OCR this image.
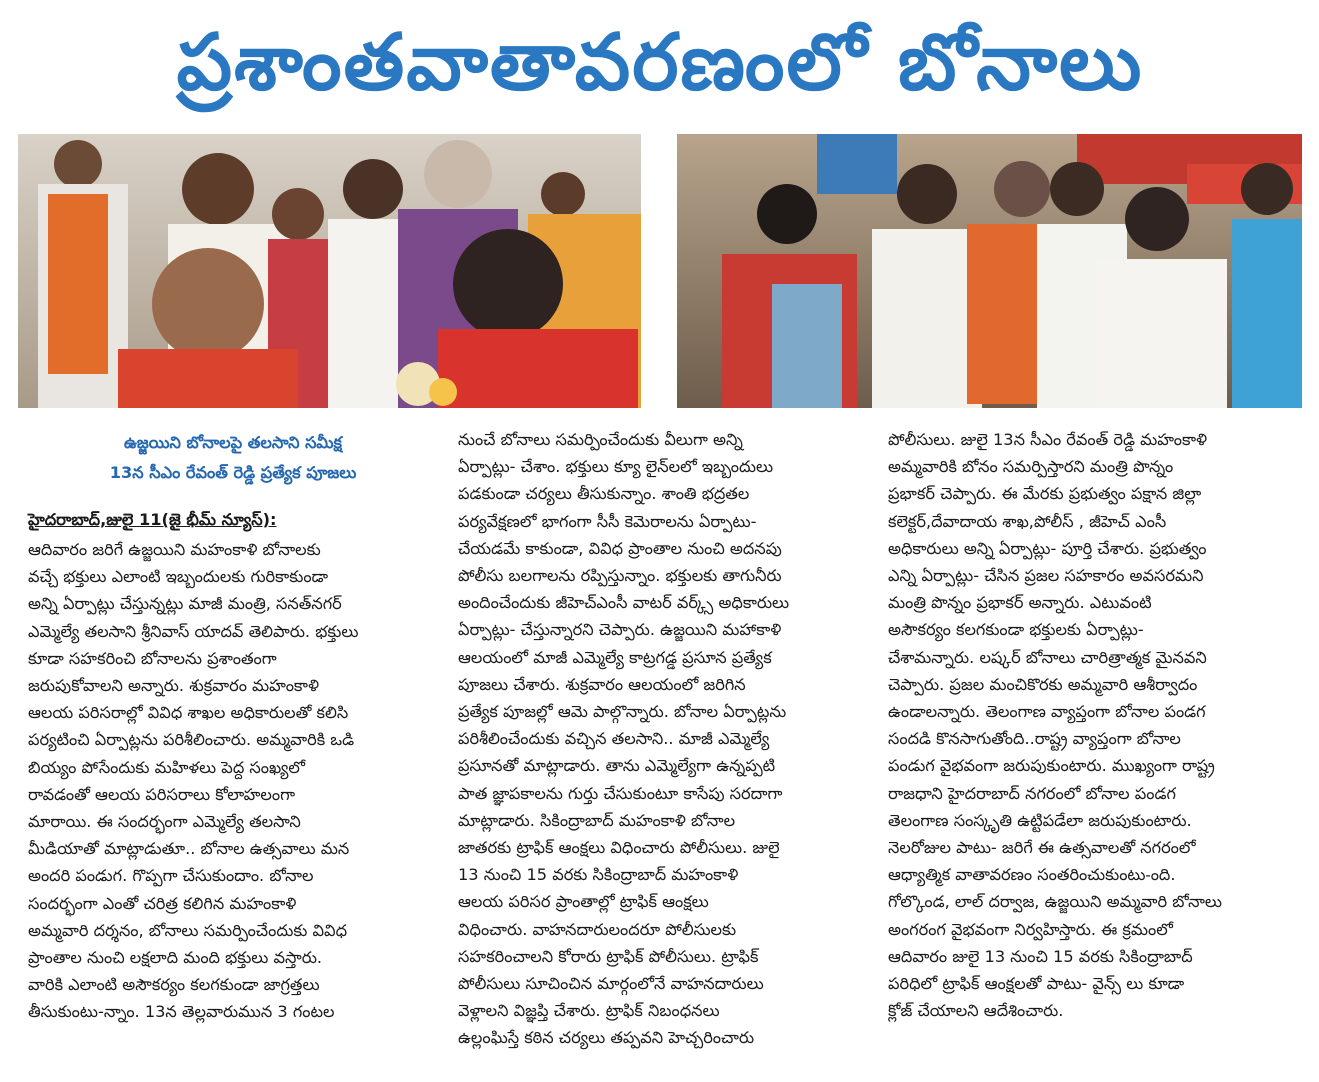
ప్రశాంతవాతావరణంలో బోనాలు
ఉజ్జయిని బోనాలపై తలసాని సమీక్ష
13న సీఎం రేవంత్ రెడ్డి ప్రత్యేక పూజలు
హైదరాబాద్,జులై 11(జై భీమ్ న్యూస్):

ఆదివారం జరిగే ఉజ్జయిని మహంకాళి బోనాలకు
వచ్చే భక్తులు ఎలాంటి ఇబ్బందులకు గురికాకుండా
అన్ని ఏర్పాట్లు చేస్తున్నట్లు మాజీ మంత్రి, సనత్‌నగర్
ఎమ్మెల్యే తలసాని శ్రీనివాస్ యాదవ్ తెలిపారు. భక్తులు
కూడా సహకరించి బోనాలను ప్రశాంతంగా
జరుపుకోవాలని అన్నారు. శుక్రవారం మహంకాళి
ఆలయ పరిసరాల్లో వివిధ శాఖల అధికారులతో కలిసి
పర్యటించి ఏర్పాట్లను పరిశీలించారు. అమ్మవారికి ఒడి
బియ్యం పోసేందుకు మహిళలు పెద్ద సంఖ్యలో
రావడంతో ఆలయ పరిసరాలు కోలాహలంగా
మారాయి. ఈ సందర్భంగా ఎమ్మెల్యే తలసాని
మీడియాతో మాట్లాడుతూ.. బోనాల ఉత్సవాలు మన
అందరి పండుగ. గొప్పగా చేసుకుందాం. బోనాల
సందర్భంగా ఎంతో చరిత్ర కలిగిన మహంకాళి
అమ్మవారి దర్శనం, బోనాలు సమర్పించేందుకు వివిధ
ప్రాంతాల నుంచి లక్షలాది మంది భక్తులు వస్తారు.
వారికి ఎలాంటి అసౌకర్యం కలగకుండా జాగ్రత్తలు
తీసుకుంటు-న్నాం. 13న తెల్లవారుమున 3 గంటల

నుంచే బోనాలు సమర్పించేందుకు వీలుగా అన్ని
ఏర్పాట్లు- చేశాం. భక్తులు క్యూ లైన్‌లలో ఇబ్బందులు
పడకుండా చర్యలు తీసుకున్నాం. శాంతి భద్రతల
పర్యవేక్షణలో భాగంగా సీసీ కెమెరాలను ఏర్పాటు-
చేయడమే కాకుండా, వివిధ ప్రాంతాల నుంచి అదనపు
పోలీసు బలగాలను రప్పిస్తున్నాం. భక్తులకు తాగునీరు
అందించేందుకు జీహెచ్ఎంసీ వాటర్ వర్క్స్ అధికారులు
ఏర్పాట్లు- చేస్తున్నారని చెప్పారు. ఉజ్జయిని మహాకాళి
ఆలయంలో మాజీ ఎమ్మెల్యే కాట్రగడ్డ ప్రసూన ప్రత్యేక
పూజలు చేశారు. శుక్రవారం ఆలయంలో జరిగిన
ప్రత్యేక పూజల్లో ఆమె పాల్గొన్నారు. బోనాల ఏర్పాట్లను
పరిశీలించేందుకు వచ్చిన తలసాని.. మాజీ ఎమ్మెల్యే
ప్రసూనతో మాట్లాడారు. తాను ఎమ్మెల్యేగా ఉన్నప్పటి
పాత జ్ఞాపకాలను గుర్తు చేసుకుంటూ కాసేపు సరదాగా
మాట్లాడారు. సికింద్రాబాద్ మహంకాళి బోనాల
జాతరకు ట్రాఫిక్ ఆంక్షలు విధించారు పోలీసులు. జులై
13 నుంచి 15 వరకు సికింద్రాబాద్ మహంకాళి
ఆలయ పరిసర ప్రాంతాల్లో ట్రాఫిక్ ఆంక్షలు
విధించారు. వాహనదారులందరూ పోలీసులకు
సహకరించాలని కోరారు ట్రాఫిక్ పోలీసులు. ట్రాఫిక్
పోలీసులు సూచించిన మార్గంలోనే వాహనదారులు
వెళ్లాలని విజ్ఞప్తి చేశారు. ట్రాఫిక్ నిబంధనలు
ఉల్లంఘిస్తే కఠిన చర్యలు తప్పవని హెచ్చరించారు

పోలీసులు. జులై 13న సీఎం రేవంత్ రెడ్డి మహంకాళి
అమ్మవారికి బోనం సమర్పిస్తారని మంత్రి పొన్నం
ప్రభాకర్ చెప్పారు. ఈ మేరకు ప్రభుత్వం పక్షాన జిల్లా
కలెక్టర్,దేవాదాయ శాఖ,పోలీస్ , జీహెచ్ ఎంసీ
అధికారులు అన్ని ఏర్పాట్లు- పూర్తి చేశారు. ప్రభుత్వం
ఎన్ని ఏర్పాట్లు- చేసిన ప్రజల సహకారం అవసరమని
మంత్రి పొన్నం ప్రభాకర్ అన్నారు. ఎటువంటి
అసౌకర్యం కలగకుండా భక్తులకు ఏర్పాట్లు-
చేశామన్నారు. లష్కర్ బోనాలు చారిత్రాత్మక మైనవని
చెప్పారు. ప్రజల మంచికొరకు అమ్మవారి ఆశీర్వాదం
ఉండాలన్నారు. తెలంగాణ వ్యాప్తంగా బోనాల పండగ
సందడి కొనసాగుతోంది..రాష్ట్ర వ్యాప్తంగా బోనాల
పండుగ వైభవంగా జరుపుకుంటారు. ముఖ్యంగా రాష్ట్ర
రాజధాని హైదరాబాద్ నగరంలో బోనాల పండగ
తెలంగాణ సంస్కృతి ఉట్టిపడేలా జరుపుకుంటారు.
నెలరోజుల పాటు- జరిగే ఈ ఉత్సవాలతో నగరంలో
ఆధ్యాత్మిక వాతావరణం సంతరించుకుంటు-ంది.
గోల్కొండ, లాల్ దర్వాజ, ఉజ్జయిని అమ్మవారి బోనాలు
అంగరంగ వైభవంగా నిర్వహిస్తారు. ఈ క్రమంలో
ఆదివారం జులై 13 నుంచి 15 వరకు సికింద్రాబాద్
పరిధిలో ట్రాఫిక్ ఆంక్షలతో పాటు- వైన్స్ లు కూడా
క్లోజ్ చేయాలని ఆదేశించారు.
